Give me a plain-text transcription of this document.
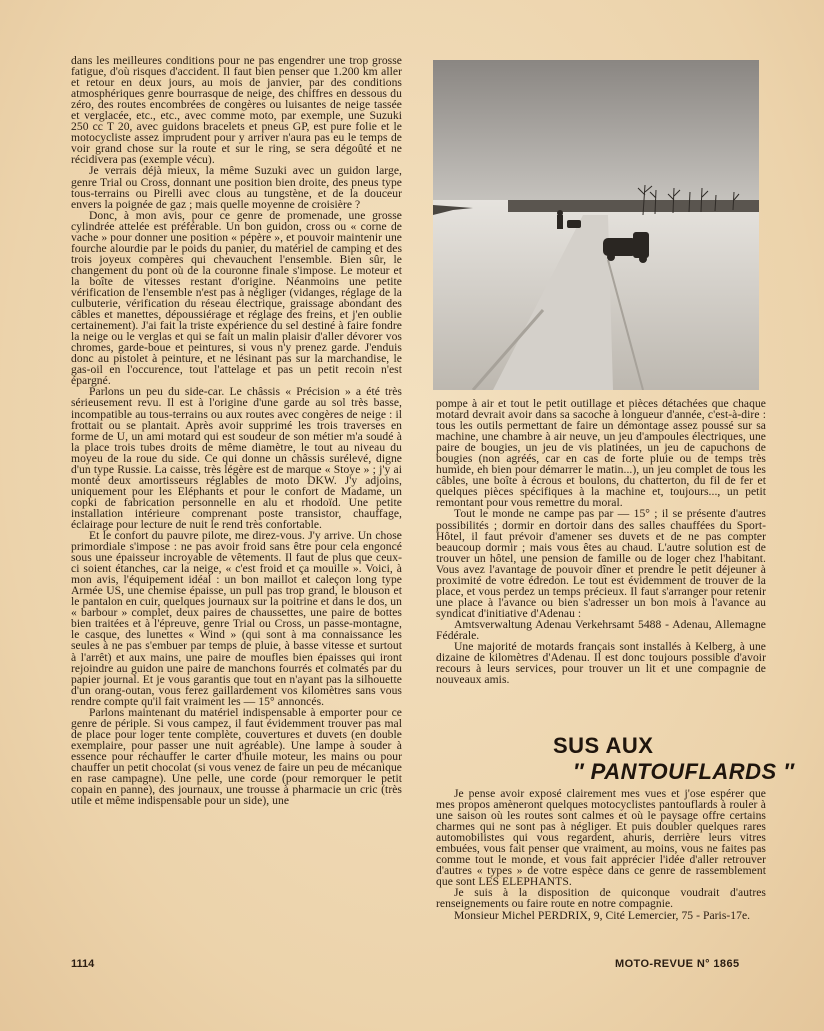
dans les meilleures conditions pour ne pas engendrer une trop grosse fatigue, d'où risques d'accident. Il faut bien penser que 1.200 km aller et retour en deux jours, au mois de janvier, par des conditions atmosphériques genre bourrasque de neige, des chiffres en dessous du zéro, des routes encombrées de congères ou luisantes de neige tassée et verglacée, etc., etc., avec comme moto, par exemple, une Suzuki 250 cc T 20, avec guidons bracelets et pneus GP, est pure folie et le motocycliste assez imprudent pour y arriver n'aura pas eu le temps de voir grand chose sur la route et sur le ring, se sera dégoûté et ne récidivera pas (exemple vécu).

Je verrais déjà mieux, la même Suzuki avec un guidon large, genre Trial ou Cross, donnant une position bien droite, des pneus type tous-terrains ou Pirelli avec clous au tungstène, et de la douceur envers la poignée de gaz ; mais quelle moyenne de croisière ?

Donc, à mon avis, pour ce genre de promenade, une grosse cylindrée attelée est préférable. Un bon guidon, cross ou « corne de vache » pour donner une position « pépère », et pouvoir maintenir une fourche alourdie par le poids du panier, du matériel de camping et des trois joyeux compères qui chevauchent l'ensemble. Bien sûr, le changement du pont où de la couronne finale s'impose. Le moteur et la boîte de vitesses restant d'origine. Néanmoins une petite vérification de l'ensemble n'est pas à négliger (vidanges, réglage de la culbuterie, vérification du réseau électrique, graissage abondant des câbles et manettes, dépoussiérage et réglage des freins, et j'en oublie certainement). J'ai fait la triste expérience du sel destiné à faire fondre la neige ou le verglas et qui se fait un malin plaisir d'aller dévorer vos chromes, garde-boue et peintures, si vous n'y prenez garde. J'enduis donc au pistolet à peinture, et ne lésinant pas sur la marchandise, le gas-oil en l'occurence, tout l'attelage et pas un petit recoin n'est épargné.

Parlons un peu du side-car. Le châssis « Précision » a été très sérieusement revu. Il est à l'origine d'une garde au sol très basse, incompatible au tous-terrains ou aux routes avec congères de neige : il frottait ou se plantait. Après avoir supprimé les trois traverses en forme de U, un ami motard qui est soudeur de son métier m'a soudé à la place trois tubes droits de même diamètre, le tout au niveau du moyeu de la roue du side. Ce qui donne un châssis surélevé, digne d'un type Russie. La caisse, très légère est de marque « Stoye » ; j'y ai monté deux amortisseurs réglables de moto DKW. J'y adjoins, uniquement pour les Eléphants et pour le confort de Madame, un copki de fabrication personnelle en alu et rhodoïd. Une petite installation intérieure comprenant poste transistor, chauffage, éclairage pour lecture de nuit le rend très confortable.

Et le confort du pauvre pilote, me direz-vous. J'y arrive. Un chose primordiale s'impose : ne pas avoir froid sans être pour cela engoncé sous une épaisseur incroyable de vêtements. Il faut de plus que ceux-ci soient étanches, car la neige, « c'est froid et ça mouille ». Voici, à mon avis, l'équipement idéal : un bon maillot et caleçon long type Armée US, une chemise épaisse, un pull pas trop grand, le blouson et le pantalon en cuir, quelques journaux sur la poitrine et dans le dos, un « barbour » complet, deux paires de chaussettes, une paire de bottes bien traitées et à l'épreuve, genre Trial ou Cross, un passe-montagne, le casque, des lunettes « Wind » (qui sont à ma connaissance les seules à ne pas s'embuer par temps de pluie, à basse vitesse et surtout à l'arrêt) et aux mains, une paire de moufles bien épaisses qui iront rejoindre au guidon une paire de manchons fourrés et colmatés par du papier journal. Et je vous garantis que tout en n'ayant pas la silhouette d'un orang-outan, vous ferez gaillardement vos kilomètres sans vous rendre compte qu'il fait vraiment les — 15° annoncés.

Parlons maintenant du matériel indispensable à emporter pour ce genre de périple. Si vous campez, il faut évidemment trouver pas mal de place pour loger tente complète, couvertures et duvets (en double exemplaire, pour passer une nuit agréable). Une lampe à souder à essence pour réchauffer le carter d'huile moteur, les mains ou pour chauffer un petit chocolat (si vous venez de faire un peu de mécanique en rase campagne). Une pelle, une corde (pour remorquer le petit copain en panne), des journaux, une trousse à pharmacie un cric (très utile et même indispensable pour un side), une

pompe à air et tout le petit outillage et pièces détachées que chaque motard devrait avoir dans sa sacoche à longueur d'année, c'est-à-dire : tous les outils permettant de faire un démontage assez poussé sur sa machine, une chambre à air neuve, un jeu d'ampoules électriques, une paire de bougies, un jeu de vis platinées, un jeu de capuchons de bougies (non agréés, car en cas de forte pluie ou de temps très humide, eh bien pour démarrer le matin...), un jeu complet de tous les câbles, une boîte à écrous et boulons, du chatterton, du fil de fer et quelques pièces spécifiques à la machine et, toujours..., un petit remontant pour vous remettre du moral.

Tout le monde ne campe pas par — 15° ; il se présente d'autres possibilités ; dormir en dortoir dans des salles chauffées du Sport-Hôtel, il faut prévoir d'amener ses duvets et de ne pas compter beaucoup dormir ; mais vous êtes au chaud. L'autre solution est de trouver un hôtel, une pension de famille ou de loger chez l'habitant. Vous avez l'avantage de pouvoir dîner et prendre le petit déjeuner à proximité de votre édredon. Le tout est évidemment de trouver de la place, et vous perdez un temps précieux. Il faut s'arranger pour retenir une place à l'avance ou bien s'adresser un bon mois à l'avance au syndicat d'initiative d'Adenau :

Amtsverwaltung Adenau Verkehrsamt 5488 - Adenau, Allemagne Fédérale.

Une majorité de motards français sont installés à Kelberg, à une dizaine de kilomètres d'Adenau. Il est donc toujours possible d'avoir recours à leurs services, pour trouver un lit et une compagnie de nouveaux amis.

SUS AUX
″ PANTOUFLARDS ″

Je pense avoir exposé clairement mes vues et j'ose espérer que mes propos amèneront quelques motocyclistes pantouflards à rouler à une saison où les routes sont calmes et où le paysage offre certains charmes qui ne sont pas à négliger. Et puis doubler quelques rares automobilistes qui vous regardent, ahuris, derrière leurs vitres embuées, vous fait penser que vraiment, au moins, vous ne faites pas comme tout le monde, et vous fait apprécier l'idée d'aller retrouver d'autres « types » de votre espèce dans ce genre de rassemblement que sont LES ELEPHANTS.

Je suis à la disposition de quiconque voudrait d'autres renseignements ou faire route en notre compagnie.

Monsieur Michel PERDRIX, 9, Cité Lemercier, 75 - Paris-17e.

1114	MOTO-REVUE N° 1865
